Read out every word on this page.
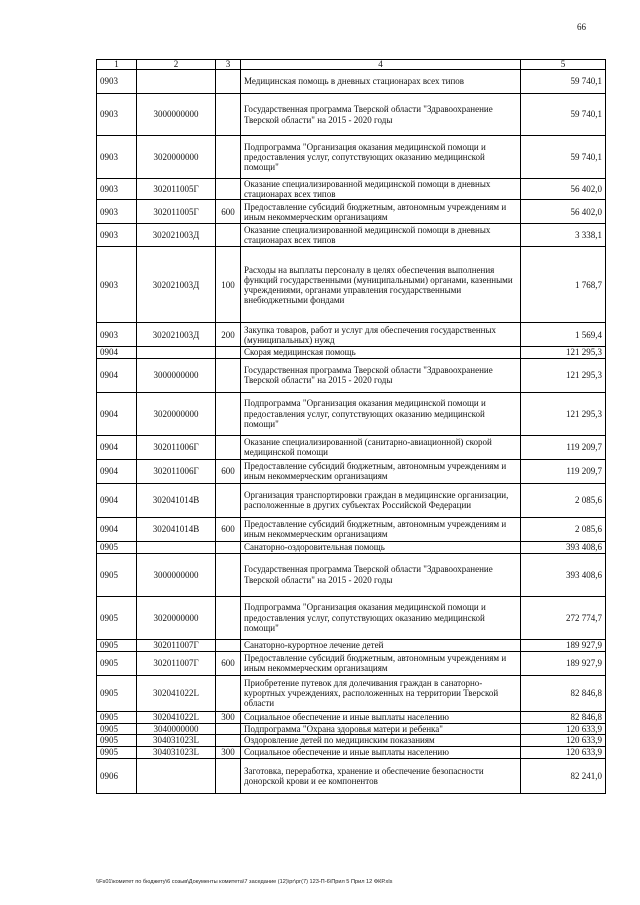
66
1	2	3	4	5
0903			Медицинская помощь в дневных стационарах всех типов	59 740,1
0903	3000000000		Государственная программа Тверской области "Здравоохранение Тверской области" на 2015 - 2020 годы	59 740,1
0903	3020000000		Подпрограмма "Организация оказания медицинской помощи и предоставления услуг, сопутствующих оказанию медицинской помощи"	59 740,1
0903	302011005Г		Оказание специализированной медицинской помощи в дневных стационарах всех типов	56 402,0
0903	302011005Г	600	Предоставление субсидий бюджетным, автономным учреждениям и иным некоммерческим организациям	56 402,0
0903	302021003Д		Оказание специализированной медицинской помощи в дневных стационарах всех типов	3 338,1
0903	302021003Д	100	Расходы на выплаты персоналу в целях обеспечения выполнения функций государственными (муниципальными) органами, казенными учреждениями, органами управления государственными внебюджетными фондами	1 768,7
0903	302021003Д	200	Закупка товаров, работ и услуг для обеспечения государственных (муниципальных) нужд	1 569,4
0904			Скорая медицинская помощь	121 295,3
0904	3000000000		Государственная программа Тверской области "Здравоохранение Тверской области" на 2015 - 2020 годы	121 295,3
0904	3020000000		Подпрограмма "Организация оказания медицинской помощи и предоставления услуг, сопутствующих оказанию медицинской помощи"	121 295,3
0904	302011006Г		Оказание специализированной (санитарно-авиационной) скорой медицинской помощи	119 209,7
0904	302011006Г	600	Предоставление субсидий бюджетным, автономным учреждениям и иным некоммерческим организациям	119 209,7
0904	302041014В		Организация транспортировки граждан в медицинские организации, расположенные в других субъектах Российской Федерации	2 085,6
0904	302041014В	600	Предоставление субсидий бюджетным, автономным учреждениям и иным некоммерческим организациям	2 085,6
0905			Санаторно-оздоровительная помощь	393 408,6
0905	3000000000		Государственная программа Тверской области "Здравоохранение Тверской области" на 2015 - 2020 годы	393 408,6
0905	3020000000		Подпрограмма "Организация оказания медицинской помощи и предоставления услуг, сопутствующих оказанию медицинской помощи"	272 774,7
0905	302011007Г		Санаторно-курортное лечение детей	189 927,9
0905	302011007Г	600	Предоставление субсидий бюджетным, автономным учреждениям и иным некоммерческим организациям	189 927,9
0905	302041022L		Приобретение путевок для долечивания граждан в санаторно-курортных учреждениях, расположенных на территории Тверской области	82 846,8
0905	302041022L	300	Социальное обеспечение и иные выплаты населению	82 846,8
0905	3040000000		Подпрограмма "Охрана здоровья матери и ребенка"	120 633,9
0905	304031023L		Оздоровление детей по медицинским показаниям	120 633,9
0905	304031023L	300	Социальное обеспечение и иные выплаты населению	120 633,9
0906			Заготовка, переработка, хранение и обеспечение безопасности донорской крови и ее компонентов	82 241,0
\\Fs01\комитет по бюджету\6 созыв\Документы комитета\7 заседание (12)\рг\рг(7) 123-П-6\Прил 5 Прил 12 ФКР.xls
